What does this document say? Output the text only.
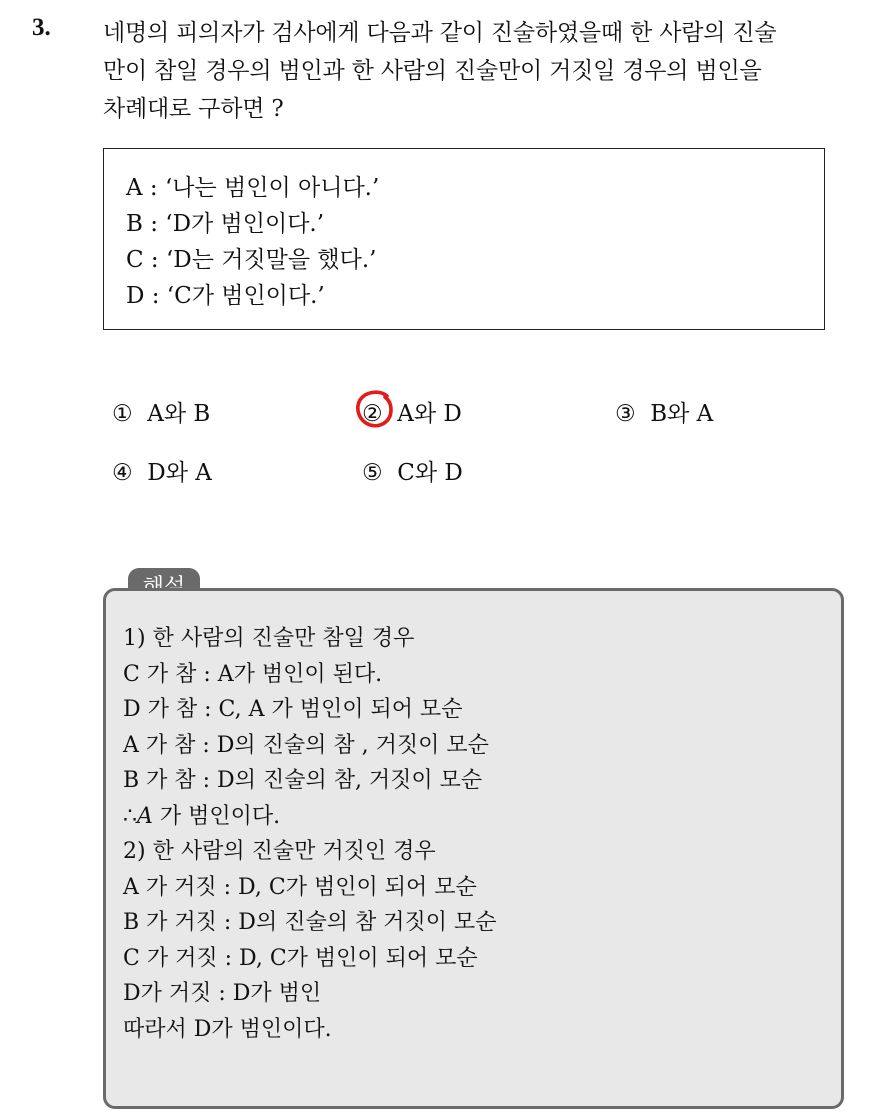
3. 네명의 피의자가 검사에게 다음과 같이 진술하였을때 한 사람의 진술
만이 참일 경우의 범인과 한 사람의 진술만이 거짓일 경우의 범인을
차례대로 구하면 ?
A : ‘나는 범인이 아니다.’
B : ‘D가 범인이다.’
C : ‘D는 거짓말을 했다.’
D : ‘C가 범인이다.’
① A와 B	② A와 D	③ B와 A
④ D와 A	⑤ C와 D
1) 한 사람의 진술만 참일 경우
C 가 참 : A가 범인이 된다.
D 가 참 : C, A 가 범인이 되어 모순
A 가 참 : D의 진술의 참 , 거짓이 모순
B 가 참 : D의 진술의 참, 거짓이 모순
∴A 가 범인이다.
2) 한 사람의 진술만 거짓인 경우
A 가 거짓 : D, C가 범인이 되어 모순
B 가 거짓 : D의 진술의 참 거짓이 모순
C 가 거짓 : D, C가 범인이 되어 모순
D가 거짓 : D가 범인
따라서 D가 범인이다.
